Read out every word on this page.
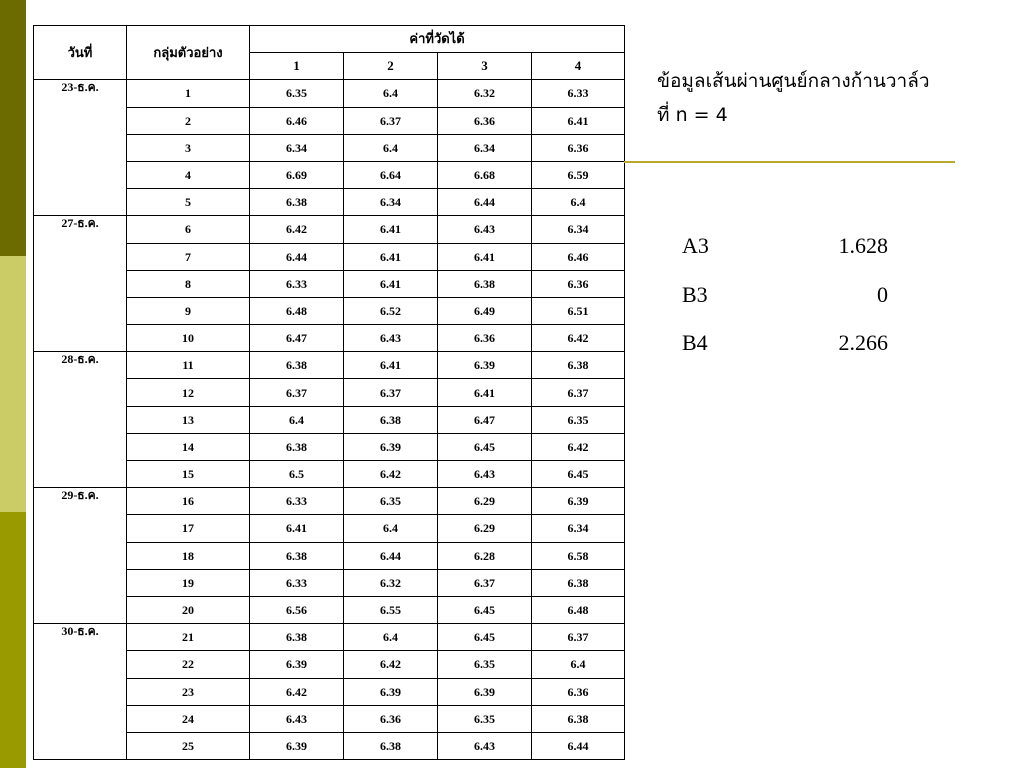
วันที่	กลุ่มตัวอย่าง	ค่าที่วัดได้			
		1	2	3	4
23-ธ.ค.	1	6.35	6.4	6.32	6.33
	2	6.46	6.37	6.36	6.41
	3	6.34	6.4	6.34	6.36
	4	6.69	6.64	6.68	6.59
	5	6.38	6.34	6.44	6.4
27-ธ.ค.	6	6.42	6.41	6.43	6.34
	7	6.44	6.41	6.41	6.46
	8	6.33	6.41	6.38	6.36
	9	6.48	6.52	6.49	6.51
	10	6.47	6.43	6.36	6.42
28-ธ.ค.	11	6.38	6.41	6.39	6.38
	12	6.37	6.37	6.41	6.37
	13	6.4	6.38	6.47	6.35
	14	6.38	6.39	6.45	6.42
	15	6.5	6.42	6.43	6.45
29-ธ.ค.	16	6.33	6.35	6.29	6.39
	17	6.41	6.4	6.29	6.34
	18	6.38	6.44	6.28	6.58
	19	6.33	6.32	6.37	6.38
	20	6.56	6.55	6.45	6.48
30-ธ.ค.	21	6.38	6.4	6.45	6.37
	22	6.39	6.42	6.35	6.4
	23	6.42	6.39	6.39	6.36
	24	6.43	6.36	6.35	6.38
	25	6.39	6.38	6.43	6.44
ข้อมูลเส้นผ่านศูนย์กลางก้านวาล์ว
ที่ n = 4
A3	1.628
B3	0
B4	2.266
